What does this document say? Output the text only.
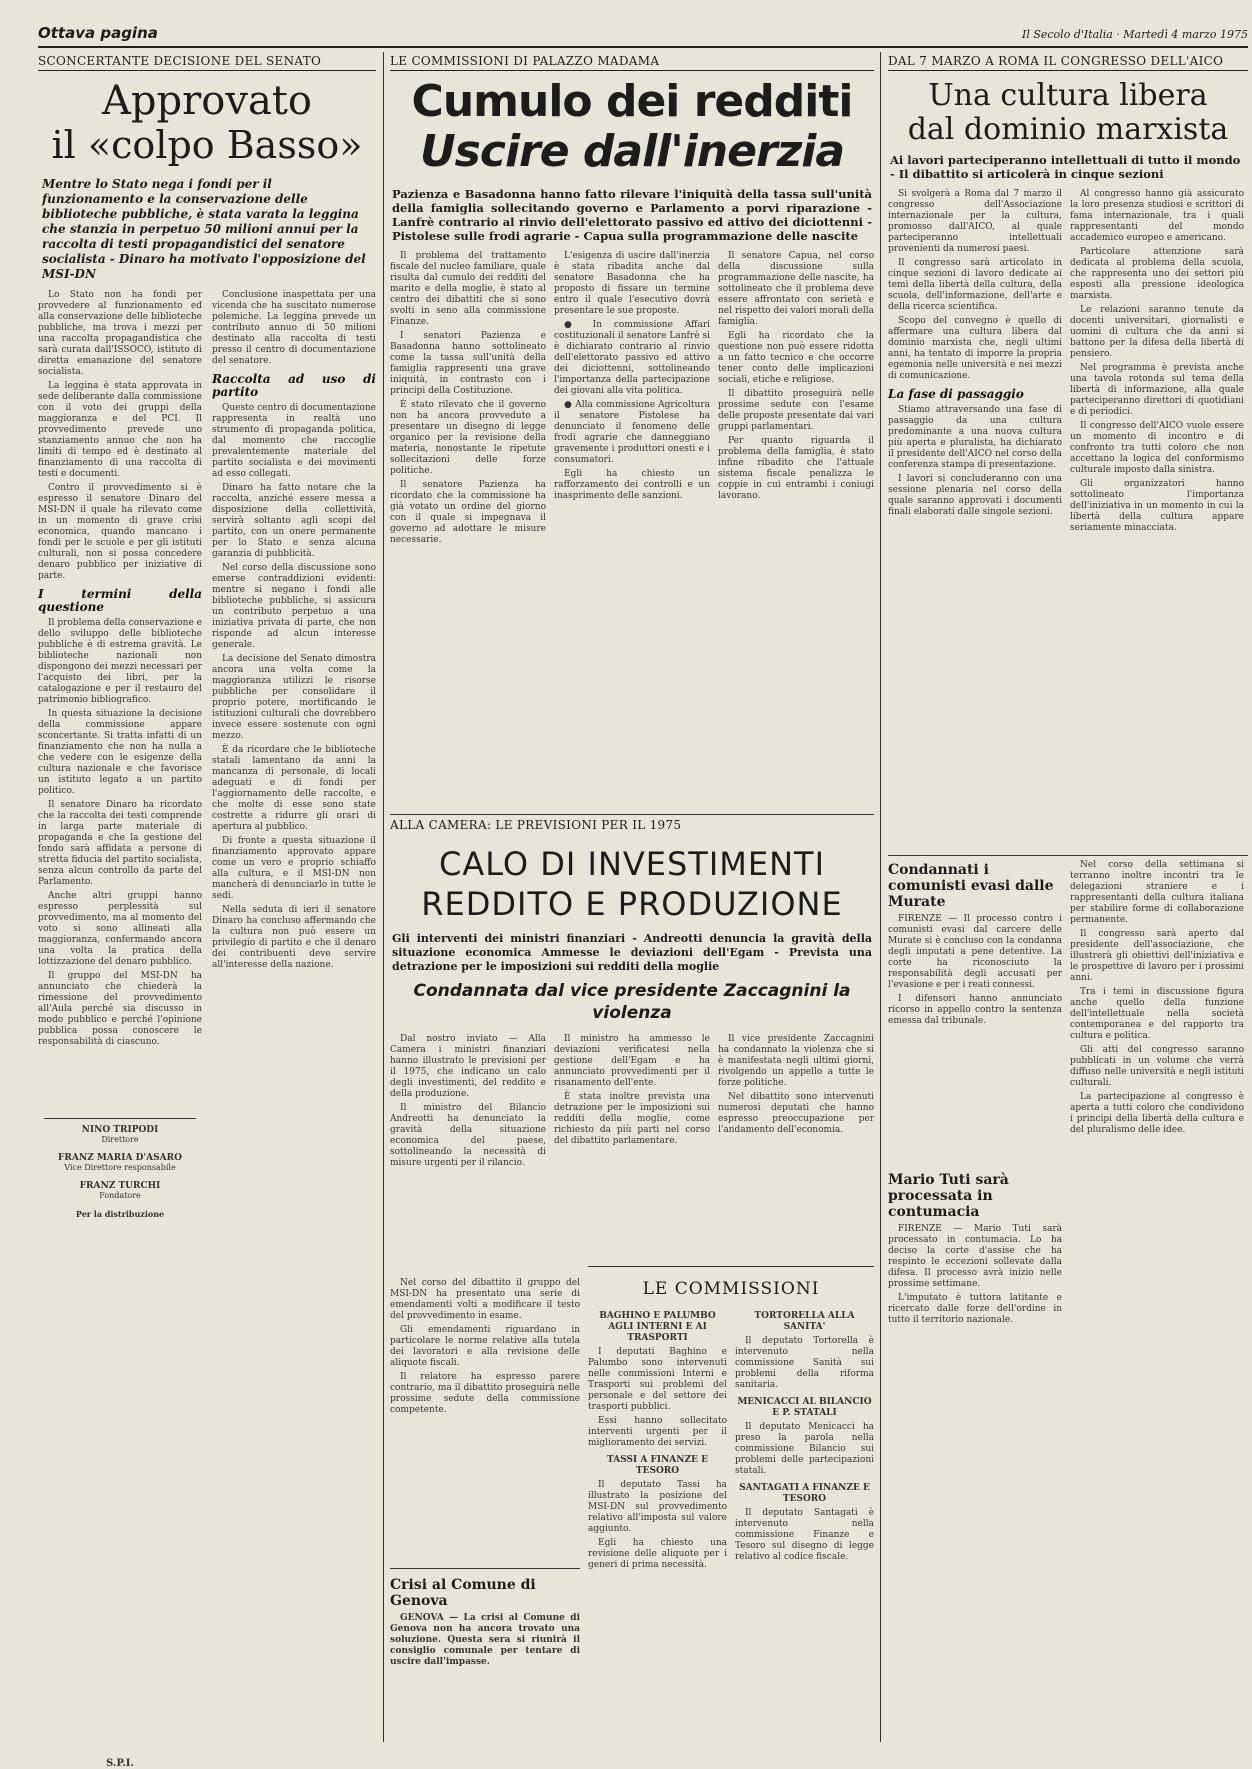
Ottava pagina	Il Secolo d'Italia · Martedì 4 marzo 1975
SCONCERTANTE DECISIONE DEL SENATO
Approvato
il «colpo Basso»
Mentre lo Stato nega i fondi per il funzionamento e la conservazione delle biblioteche pubbliche, è stata varata la leggina che stanzia in perpetuo 50 milioni annui per la raccolta di testi propagandistici del senatore socialista - Dinaro ha motivato l'opposizione del MSI-DN

Lo Stato non ha fondi per provvedere al funzionamento ed alla conservazione delle biblioteche pubbliche, ma trova i mezzi per una raccolta propagandistica che sarà curata dall'ISSOCO, istituto di diretta emanazione del senatore socialista.

La leggina è stata approvata in sede deliberante dalla commissione con il voto dei gruppi della maggioranza e del PCI. Il provvedimento prevede uno stanziamento annuo che non ha limiti di tempo ed è destinato al finanziamento di una raccolta di testi e documenti.

Contro il provvedimento si è espresso il senatore Dinaro del MSI-DN il quale ha rilevato come in un momento di grave crisi economica, quando mancano i fondi per le scuole e per gli istituti culturali, non si possa concedere denaro pubblico per iniziative di parte.

I termini della questione

Il problema della conservazione e dello sviluppo delle biblioteche pubbliche è di estrema gravità. Le biblioteche nazionali non dispongono dei mezzi necessari per l'acquisto dei libri, per la catalogazione e per il restauro del patrimonio bibliografico.

In questa situazione la decisione della commissione appare sconcertante. Si tratta infatti di un finanziamento che non ha nulla a che vedere con le esigenze della cultura nazionale e che favorisce un istituto legato a un partito politico.

Il senatore Dinaro ha ricordato che la raccolta dei testi comprende in larga parte materiale di propaganda e che la gestione del fondo sarà affidata a persone di stretta fiducia del partito socialista, senza alcun controllo da parte del Parlamento.

Anche altri gruppi hanno espresso perplessità sul provvedimento, ma al momento del voto si sono allineati alla maggioranza, confermando ancora una volta la pratica della lottizzazione del denaro pubblico.

Il gruppo del MSI-DN ha annunciato che chiederà la rimessione del provvedimento all'Aula perché sia discusso in modo pubblico e perché l'opinione pubblica possa conoscere le responsabilità di ciascuno.

Conclusione inaspettata per una vicenda che ha suscitato numerose polemiche. La leggina prevede un contributo annuo di 50 milioni destinato alla raccolta di testi presso il centro di documentazione del senatore.

Raccolta ad uso di partito

Questo centro di documentazione rappresenta in realtà uno strumento di propaganda politica, dal momento che raccoglie prevalentemente materiale del partito socialista e dei movimenti ad esso collegati.

Dinaro ha fatto notare che la raccolta, anziché essere messa a disposizione della collettività, servirà soltanto agli scopi del partito, con un onere permanente per lo Stato e senza alcuna garanzia di pubblicità.

Nel corso della discussione sono emerse contraddizioni evidenti: mentre si negano i fondi alle biblioteche pubbliche, si assicura un contributo perpetuo a una iniziativa privata di parte, che non risponde ad alcun interesse generale.

La decisione del Senato dimostra ancora una volta come la maggioranza utilizzi le risorse pubbliche per consolidare il proprio potere, mortificando le istituzioni culturali che dovrebbero invece essere sostenute con ogni mezzo.

È da ricordare che le biblioteche statali lamentano da anni la mancanza di personale, di locali adeguati e di fondi per l'aggiornamento delle raccolte, e che molte di esse sono state costrette a ridurre gli orari di apertura al pubblico.

Di fronte a questa situazione il finanziamento approvato appare come un vero e proprio schiaffo alla cultura, e il MSI-DN non mancherà di denunciarlo in tutte le sedi.

Nella seduta di ieri il senatore Dinaro ha concluso affermando che la cultura non può essere un privilegio di partito e che il denaro dei contribuenti deve servire all'interesse della nazione.

NINO TRIPODI
Direttore
FRANZ MARIA D'ASARO
Vice Direttore responsabile
FRANZ TURCHI
Fondatore
Per la distribuzione
S.P.I.
LE COMMISSIONI DI PALAZZO MADAMA
Cumulo dei redditi
Uscire dall'inerzia
Pazienza e Basadonna hanno fatto rilevare l'iniquità della tassa sull'unità della famiglia sollecitando governo e Parlamento a porvi riparazione - Lanfrè contrario al rinvio dell'elettorato passivo ed attivo dei diciottenni - Pistolese sulle frodi agrarie - Capua sulla programmazione delle nascite

Il problema del trattamento fiscale del nucleo familiare, quale risulta dal cumulo dei redditi del marito e della moglie, è stato al centro dei dibattiti che si sono svolti in seno alla commissione Finanze.

I senatori Pazienza e Basadonna hanno sottolineato come la tassa sull'unità della famiglia rappresenti una grave iniquità, in contrasto con i principi della Costituzione.

È stato rilevato che il governo non ha ancora provveduto a presentare un disegno di legge organico per la revisione della materia, nonostante le ripetute sollecitazioni delle forze politiche.

Il senatore Pazienza ha ricordato che la commissione ha già votato un ordine del giorno con il quale si impegnava il governo ad adottare le misure necessarie.

L'esigenza di uscire dall'inerzia è stata ribadita anche dal senatore Basadonna che ha proposto di fissare un termine entro il quale l'esecutivo dovrà presentare le sue proposte.

● In commissione Affari costituzionali il senatore Lanfrè si è dichiarato contrario al rinvio dell'elettorato passivo ed attivo dei diciottenni, sottolineando l'importanza della partecipazione dei giovani alla vita politica.

● Alla commissione Agricoltura il senatore Pistolese ha denunciato il fenomeno delle frodi agrarie che danneggiano gravemente i produttori onesti e i consumatori.

Egli ha chiesto un rafforzamento dei controlli e un inasprimento delle sanzioni.

Il senatore Capua, nel corso della discussione sulla programmazione delle nascite, ha sottolineato che il problema deve essere affrontato con serietà e nel rispetto dei valori morali della famiglia.

Egli ha ricordato che la questione non può essere ridotta a un fatto tecnico e che occorre tener conto delle implicazioni sociali, etiche e religiose.

Il dibattito proseguirà nelle prossime sedute con l'esame delle proposte presentate dai vari gruppi parlamentari.

Per quanto riguarda il problema della famiglia, è stato infine ribadito che l'attuale sistema fiscale penalizza le coppie in cui entrambi i coniugi lavorano.

DAL 7 MARZO A ROMA IL CONGRESSO DELL'AICO
Una cultura libera
dal dominio marxista
Ai lavori parteciperanno intellettuali di tutto il mondo - Il dibattito si articolerà in cinque sezioni

Si svolgerà a Roma dal 7 marzo il congresso dell'Associazione internazionale per la cultura, promosso dall'AICO, al quale parteciperanno intellettuali provenienti da numerosi paesi.

Il congresso sarà articolato in cinque sezioni di lavoro dedicate ai temi della libertà della cultura, della scuola, dell'informazione, dell'arte e della ricerca scientifica.

Scopo del convegno è quello di affermare una cultura libera dal dominio marxista che, negli ultimi anni, ha tentato di imporre la propria egemonia nelle università e nei mezzi di comunicazione.

La fase di passaggio

Stiamo attraversando una fase di passaggio da una cultura predominante a una nuova cultura più aperta e pluralista, ha dichiarato il presidente dell'AICO nel corso della conferenza stampa di presentazione.

I lavori si concluderanno con una sessione plenaria nel corso della quale saranno approvati i documenti finali elaborati dalle singole sezioni.

Al congresso hanno già assicurato la loro presenza studiosi e scrittori di fama internazionale, tra i quali rappresentanti del mondo accademico europeo e americano.

Particolare attenzione sarà dedicata al problema della scuola, che rappresenta uno dei settori più esposti alla pressione ideologica marxista.

Le relazioni saranno tenute da docenti universitari, giornalisti e uomini di cultura che da anni si battono per la difesa della libertà di pensiero.

Nel programma è prevista anche una tavola rotonda sul tema della libertà di informazione, alla quale parteciperanno direttori di quotidiani e di periodici.

Il congresso dell'AICO vuole essere un momento di incontro e di confronto tra tutti coloro che non accettano la logica del conformismo culturale imposto dalla sinistra.

Gli organizzatori hanno sottolineato l'importanza dell'iniziativa in un momento in cui la libertà della cultura appare seriamente minacciata.

Condannati i comunisti evasi dalle Murate

FIRENZE — Il processo contro i comunisti evasi dal carcere delle Murate si è concluso con la condanna degli imputati a pene detentive. La corte ha riconosciuto la responsabilità degli accusati per l'evasione e per i reati connessi.

I difensori hanno annunciato ricorso in appello contro la sentenza emessa dal tribunale.

Mario Tuti sarà processata in contumacia

FIRENZE — Mario Tuti sarà processato in contumacia. Lo ha deciso la corte d'assise che ha respinto le eccezioni sollevate dalla difesa. Il processo avrà inizio nelle prossime settimane.

L'imputato è tuttora latitante e ricercato dalle forze dell'ordine in tutto il territorio nazionale.

Nel corso della settimana si terranno inoltre incontri tra le delegazioni straniere e i rappresentanti della cultura italiana per stabilire forme di collaborazione permanente.

Il congresso sarà aperto dal presidente dell'associazione, che illustrerà gli obiettivi dell'iniziativa e le prospettive di lavoro per i prossimi anni.

Tra i temi in discussione figura anche quello della funzione dell'intellettuale nella società contemporanea e del rapporto tra cultura e politica.

Gli atti del congresso saranno pubblicati in un volume che verrà diffuso nelle università e negli istituti culturali.

La partecipazione al congresso è aperta a tutti coloro che condividono i principi della libertà della cultura e del pluralismo delle idee.

ALLA CAMERA: LE PREVISIONI PER IL 1975
CALO DI INVESTIMENTI
REDDITO E PRODUZIONE
Gli interventi dei ministri finanziari - Andreotti denuncia la gravità della situazione economica Ammesse le deviazioni dell'Egam - Prevista una detrazione per le imposizioni sui redditi della moglie
Condannata dal vice presidente Zaccagnini la violenza

Dal nostro inviato — Alla Camera i ministri finanziari hanno illustrato le previsioni per il 1975, che indicano un calo degli investimenti, del reddito e della produzione.

Il ministro del Bilancio Andreotti ha denunciato la gravità della situazione economica del paese, sottolineando la necessità di misure urgenti per il rilancio.

Il ministro ha ammesso le deviazioni verificatesi nella gestione dell'Egam e ha annunciato provvedimenti per il risanamento dell'ente.

È stata inoltre prevista una detrazione per le imposizioni sui redditi della moglie, come richiesto da più parti nel corso del dibattito parlamentare.

Il vice presidente Zaccagnini ha condannato la violenza che si è manifestata negli ultimi giorni, rivolgendo un appello a tutte le forze politiche.

Nel dibattito sono intervenuti numerosi deputati che hanno espresso preoccupazione per l'andamento dell'economia.

Nel corso del dibattito il gruppo del MSI-DN ha presentato una serie di emendamenti volti a modificare il testo del provvedimento in esame.

Gli emendamenti riguardano in particolare le norme relative alla tutela dei lavoratori e alla revisione delle aliquote fiscali.

Il relatore ha espresso parere contrario, ma il dibattito proseguirà nelle prossime sedute della commissione competente.

Crisi al Comune di Genova

GENOVA — La crisi al Comune di Genova non ha ancora trovato una soluzione. Questa sera si riunirà il consiglio comunale per tentare di uscire dall'impasse.

LE COMMISSIONI
BAGHINO E PALUMBO AGLI INTERNI E AI TRASPORTI

I deputati Baghino e Palumbo sono intervenuti nelle commissioni Interni e Trasporti sui problemi del personale e del settore dei trasporti pubblici.

Essi hanno sollecitato interventi urgenti per il miglioramento dei servizi.

TASSI A FINANZE E TESORO

Il deputato Tassi ha illustrato la posizione del MSI-DN sul provvedimento relativo all'imposta sul valore aggiunto.

Egli ha chiesto una revisione delle aliquote per i generi di prima necessità.

TORTORELLA ALLA SANITA'

Il deputato Tortorella è intervenuto nella commissione Sanità sui problemi della riforma sanitaria.

MENICACCI AL BILANCIO E P. STATALI

Il deputato Menicacci ha preso la parola nella commissione Bilancio sui problemi delle partecipazioni statali.

SANTAGATI A FINANZE E TESORO

Il deputato Santagati è intervenuto nella commissione Finanze e Tesoro sul disegno di legge relativo al codice fiscale.
